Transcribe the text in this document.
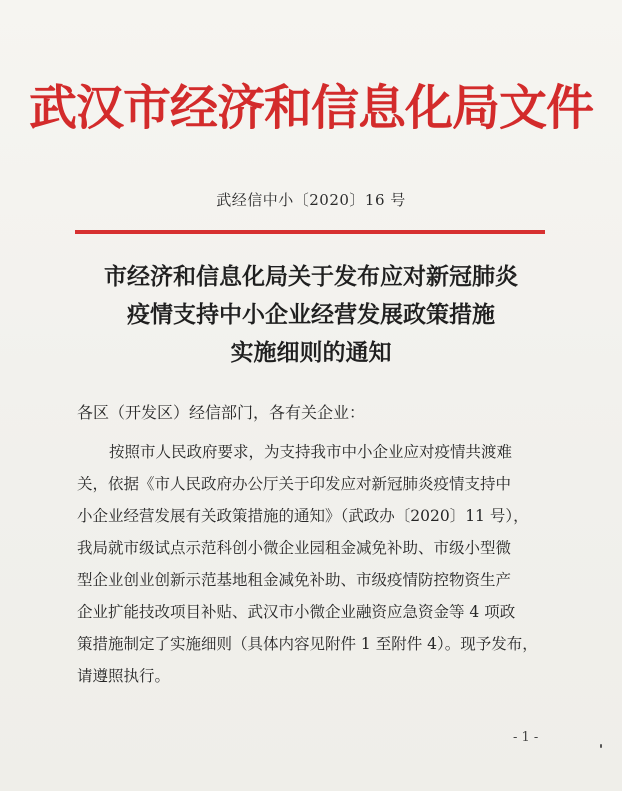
武汉市经济和信息化局文件
武经信中小〔2020〕16 号
市经济和信息化局关于发布应对新冠肺炎
疫情支持中小企业经营发展政策措施
实施细则的通知
各区（开发区）经信部门，各有关企业：
按照市人民政府要求，为支持我市中小企业应对疫情共渡难
关，依据《市人民政府办公厅关于印发应对新冠肺炎疫情支持中
小企业经营发展有关政策措施的通知》（武政办〔2020〕11 号），
我局就市级试点示范科创小微企业园租金减免补助、市级小型微
型企业创业创新示范基地租金减免补助、市级疫情防控物资生产
企业扩能技改项目补贴、武汉市小微企业融资应急资金等 4 项政
策措施制定了实施细则（具体内容见附件 1 至附件 4）。现予发布，
请遵照执行。
- 1 -
